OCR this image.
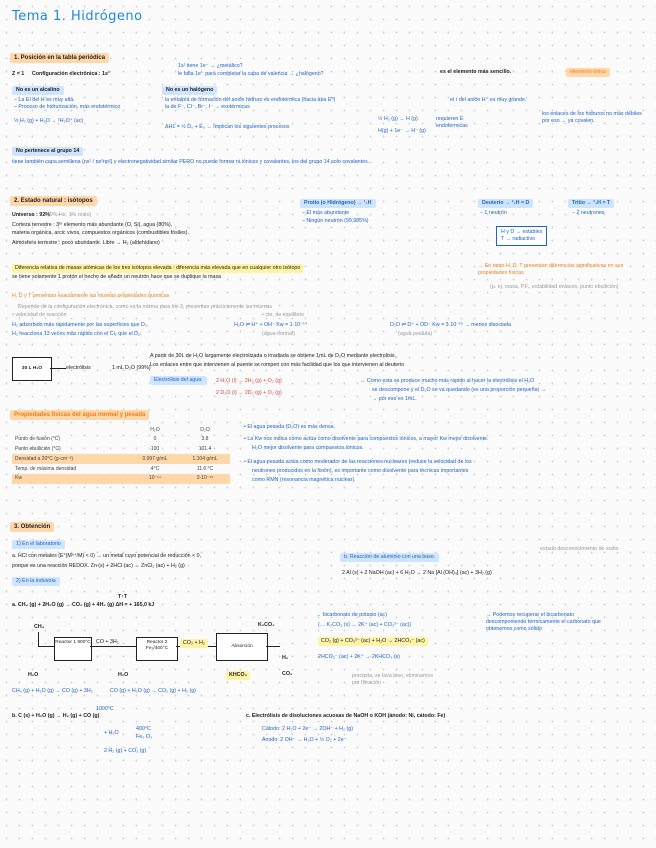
Tema 1. Hidrógeno
1. Posición en la tabla periódica
Z = 1 Configuración electrónica : 1s¹
1s¹ tiene 1e⁻ → ¿metálico?
le falta 1e⁻ para completar la capa de valencia → ¿halógeno?	es el elemento más sencillo.	elemento único
No es un alcalino
– La EI del H es muy alta.
– Proceso de hidrurización, más endotérmico
½ H₂ (g) + H₂O → ²H₂O⁺ (ac)
No es un halógeno
la entalpía de formación del anión hidruro es endotérmica (hacia aba E⁰)
la de F⁻, Cl⁻, Br⁻, I⁻ → exotérmicas
ΔH1 = ½ D₀ + E₀ → Implican los siguientes procesos
½ H₂ (g) → H (g)
H(g) + 1e⁻ → H⁻ (g)
requieren E endotérmicas
el r del anión H⁻ es muy grande.
los enlaces de los hidruros no más débiles por eso → ya covalen.
No pertenece al grupo 14
tiene también capa semillena (ns¹ / ns²np²) y electronegatividad similar PERO no puede formar ni iónicos y covalentes, los del grupo 14 solo covalentes.
2. Estado natural : isótopos
Universo : 92%
(9% He, 1% resto)
Corteza terrestre : 3ᵉʳ elemento más abundante (O, Si), agua (80%),
materia orgánica, arcic vivos, compuestos orgánicos (combustibles fósiles).
Atmósfera terrestre : poco abundante. Libre → H₂ (aldehídano)
Protio (o Hidrógeno) → ¹₁H
– El más abundante
– Ningún neutrón (99,985%)
Deuterio → ²₁H = D
– 1 neutrón
Tritio → ³₁H = T
– 2 neutrones
H y D → estables
T → radiactivo
Diferencia relativa de masas atómicas de los tres isótopos elevada : diferencia más elevada que en cualquier otro isótopo
se tiene solamente 1 protón el hecho de añadir un neutrón hace que se duplique la masa
→ En tanto H, D, T presentan diferencias significativas en sus propiedades físicas
(p. ej. masa, P.F., estabilidad enlaces, punto ebullición)
H, D y T presentan exactamente las mismas propiedades químicas
Depende de la configuración electrónica, como es la misma para los 3, presentan prácticamente las mismas
• velocidad de reacción
H₂ adsorbido más rápidamente por las superficies que D₂.
H₂ reacciona 13 veces más rápido con el Cl₂ que el D₂.
• cte. de equilibrio
H₂O ⇌ H⁺ + OH⁻ Kw = 1·10⁻¹⁴
(agua normal)
D₂O ⇌ D⁺ + OD⁻ Kw = 3·10⁻¹⁵ → menos disociada
(agua pesada)
30 L H₂O	electrólisis	1 mL D₂O (99%)
A partir de 30L de H₂O largamente electrolizada o irradiada se obtiene 1mL de D₂O mediante electrolisis.
Los enlaces entre que intervienen al puente se rompen con más facilidad que los que intervienen al deuterio
Electrólisis del agua:	2 H₂O (l) → 2H₂ (g) + O₂ (g)
2 D₂O (l) → 2D₂ (g) + O₂ (g)
→ Como esta se produce mucho más rápido al hacer la electrólisis el H₂O
se descompone y el D₂O se va quedando (es una proporción pequeña) →
→ por eso es 1mL.
Propiedades físicas del agua normal y pesada
	H₂O	D₂O
Punto de fusión (°C)	0	3.8
Punto ebullición (°C)	100	101.4
Densidad a 20°C (g·cm⁻³)	0.997 g/mL	1.104 g/mL
Temp. de máxima densidad	4°C	11.6 °C
Kw	10⁻¹⁴	3·10⁻¹⁵
• El agua pesada (D₂O) es más densa.
• La Kw nos indica como actúa como disolvente para compuestos iónicos, a mayor Kw mejor disolvente.
H₂O mejor disolvente para compuestos iónicos.
• El agua pesada actúa como moderador de las reacciones nucleares (reduce la velocidad de los
neutrones producidos en la fisión), es importante como disolvente para técnicas importantes
como RMN (resonancia magnética nuclear).
3. Obtención
1) En el laboratorio
a. HCl con metales (E°(Mⁿ⁺/M) < 0) → un metal cuyo potencial de reducción < 0,
porque es una reacción REDOX. Zn (s) + 2HCl (ac) → ZnCl₂ (ac) + H₂ (g)
b. Reacción de aluminio con una base.
estado desconocimiento de sodio
2 Al (s) + 2 NaOH (ac) + 6 H₂O → 2 Na [Al (OH)₄] (ac) + 3H₂ (g)
2) En la industria
a. CH₄ (g) + 2H₂O (g) → CO₂ (g) + 4H₂ (g) ΔH = + 165,0 kJ
T↑T
CH₄
Reactor 1 900°C CO + 3H₂	Reactor 2 Fe₂/400°C
CO₂ + H₂
Absorción
K₂CO₃
KHCO₃
H₂
CO₂
H₂O	H₂O
→ bicarbonato de potasio (ac)
(… K₂CO₃ (s) → 2K⁺ (ac) + CO₃²⁻ (ac))
CO₂ (g) + CO₃²⁻ (ac) + H₂O → 2HCO₃⁻ (ac)
2HCO₃⁻ (ac) + 2K⁺ → 2KHCO₃ (s)
precipita, se lava bien, eliminamos por filtración
→ Podemos recuperar el bicarbonato descomponiendo térmicamente el carbonato que obtenemos como sólido
CH₄ (g) + H₂O (g) → CO (g) + 3H₂	CO (g) + H₂O (g) → CO₂ (g) + H₂ (g)
b. C (s) + H₂O (g) → H₂ (g) + CO (g)
1000°C
400°C
Fe₂ O₃
+ H₂O
2 H₂ (g) + CO₂ (g)
c. Electrólisis de disoluciones acuosas de NaOH o KOH (ánodo: Ni, cátodo: Fe)
Cátodo: 2 H₂O + 2e⁻ → 2OH⁻ + H₂ (g)
Ánodo: 2 OH⁻ → H₂O + ½ O₂ + 2e⁻
